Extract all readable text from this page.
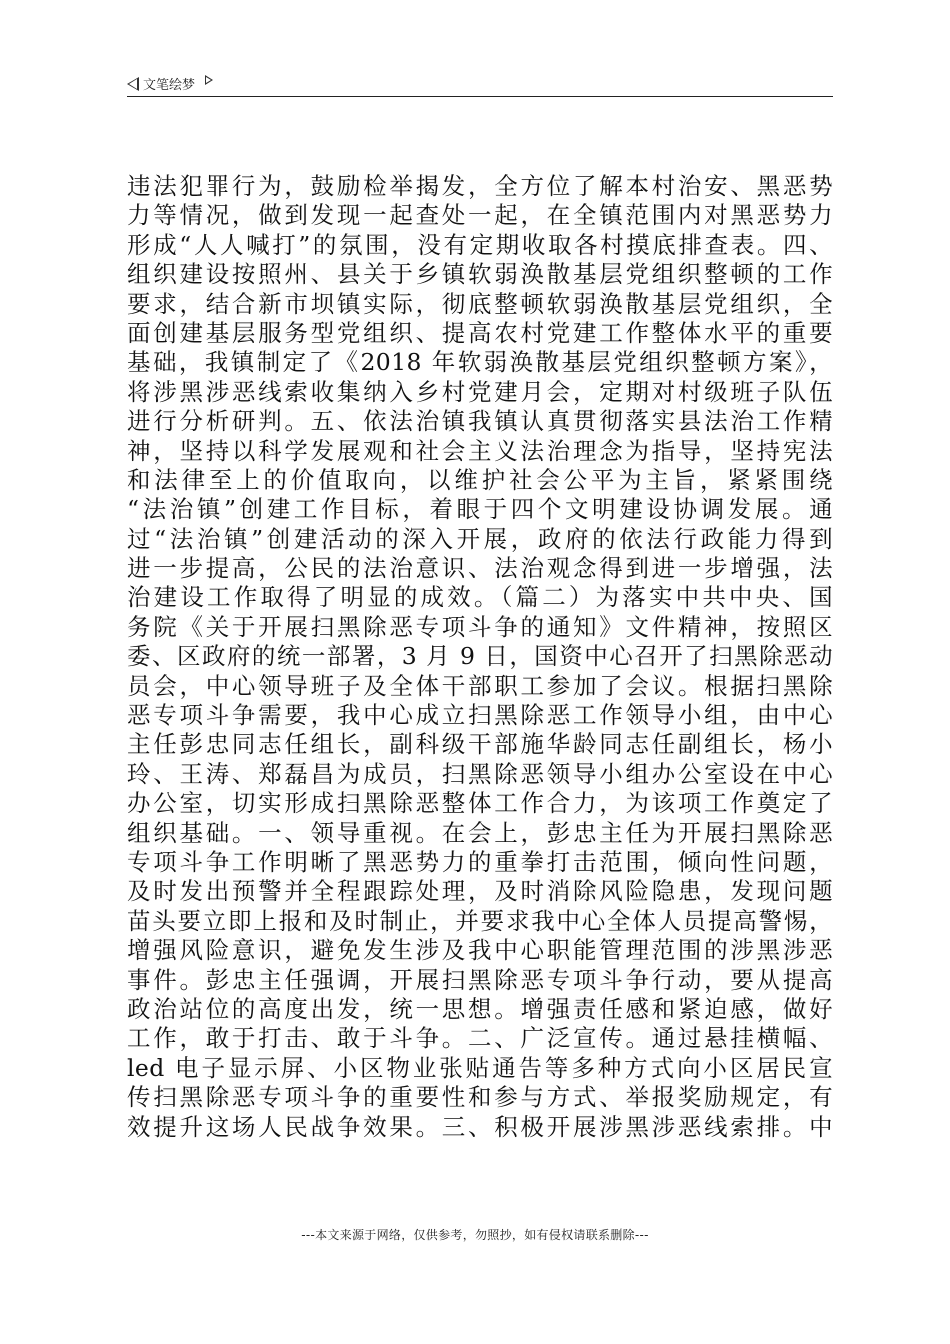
文笔绘梦
违法犯罪行为，鼓励检举揭发，全方位了解本村治安、黑恶势
力等情况，做到发现一起查处一起，在全镇范围内对黑恶势力
形成“人人喊打”的氛围，没有定期收取各村摸底排查表。四、
组织建设按照州、县关于乡镇软弱涣散基层党组织整顿的工作
要求，结合新市坝镇实际，彻底整顿软弱涣散基层党组织，全
面创建基层服务型党组织、提高农村党建工作整体水平的重要
基础，我镇制定了《2018 年软弱涣散基层党组织整顿方案》，
将涉黑涉恶线索收集纳入乡村党建月会，定期对村级班子队伍
进行分析研判。五、依法治镇我镇认真贯彻落实县法治工作精
神，坚持以科学发展观和社会主义法治理念为指导，坚持宪法
和法律至上的价值取向，以维护社会公平为主旨，紧紧围绕
“法治镇”创建工作目标，着眼于四个文明建设协调发展。通
过“法治镇”创建活动的深入开展，政府的依法行政能力得到
进一步提高，公民的法治意识、法治观念得到进一步增强，法
治建设工作取得了明显的成效。（篇二）为落实中共中央、国
务院《关于开展扫黑除恶专项斗争的通知》文件精神，按照区
委、区政府的统一部署，3 月 9 日，国资中心召开了扫黑除恶动
员会，中心领导班子及全体干部职工参加了会议。根据扫黑除
恶专项斗争需要，我中心成立扫黑除恶工作领导小组，由中心
主任彭忠同志任组长，副科级干部施华龄同志任副组长，杨小
玲、王涛、郑磊昌为成员，扫黑除恶领导小组办公室设在中心
办公室，切实形成扫黑除恶整体工作合力，为该项工作奠定了
组织基础。一、领导重视。在会上，彭忠主任为开展扫黑除恶
专项斗争工作明晰了黑恶势力的重拳打击范围，倾向性问题，
及时发出预警并全程跟踪处理，及时消除风险隐患，发现问题
苗头要立即上报和及时制止，并要求我中心全体人员提高警惕，
增强风险意识，避免发生涉及我中心职能管理范围的涉黑涉恶
事件。彭忠主任强调，开展扫黑除恶专项斗争行动，要从提高
政治站位的高度出发，统一思想。增强责任感和紧迫感，做好
工作，敢于打击、敢于斗争。二、广泛宣传。通过悬挂横幅、
led 电子显示屏、小区物业张贴通告等多种方式向小区居民宣
传扫黑除恶专项斗争的重要性和参与方式、举报奖励规定，有
效提升这场人民战争效果。三、积极开展涉黑涉恶线索排。中
---本文来源于网络，仅供参考，勿照抄，如有侵权请联系删除---
